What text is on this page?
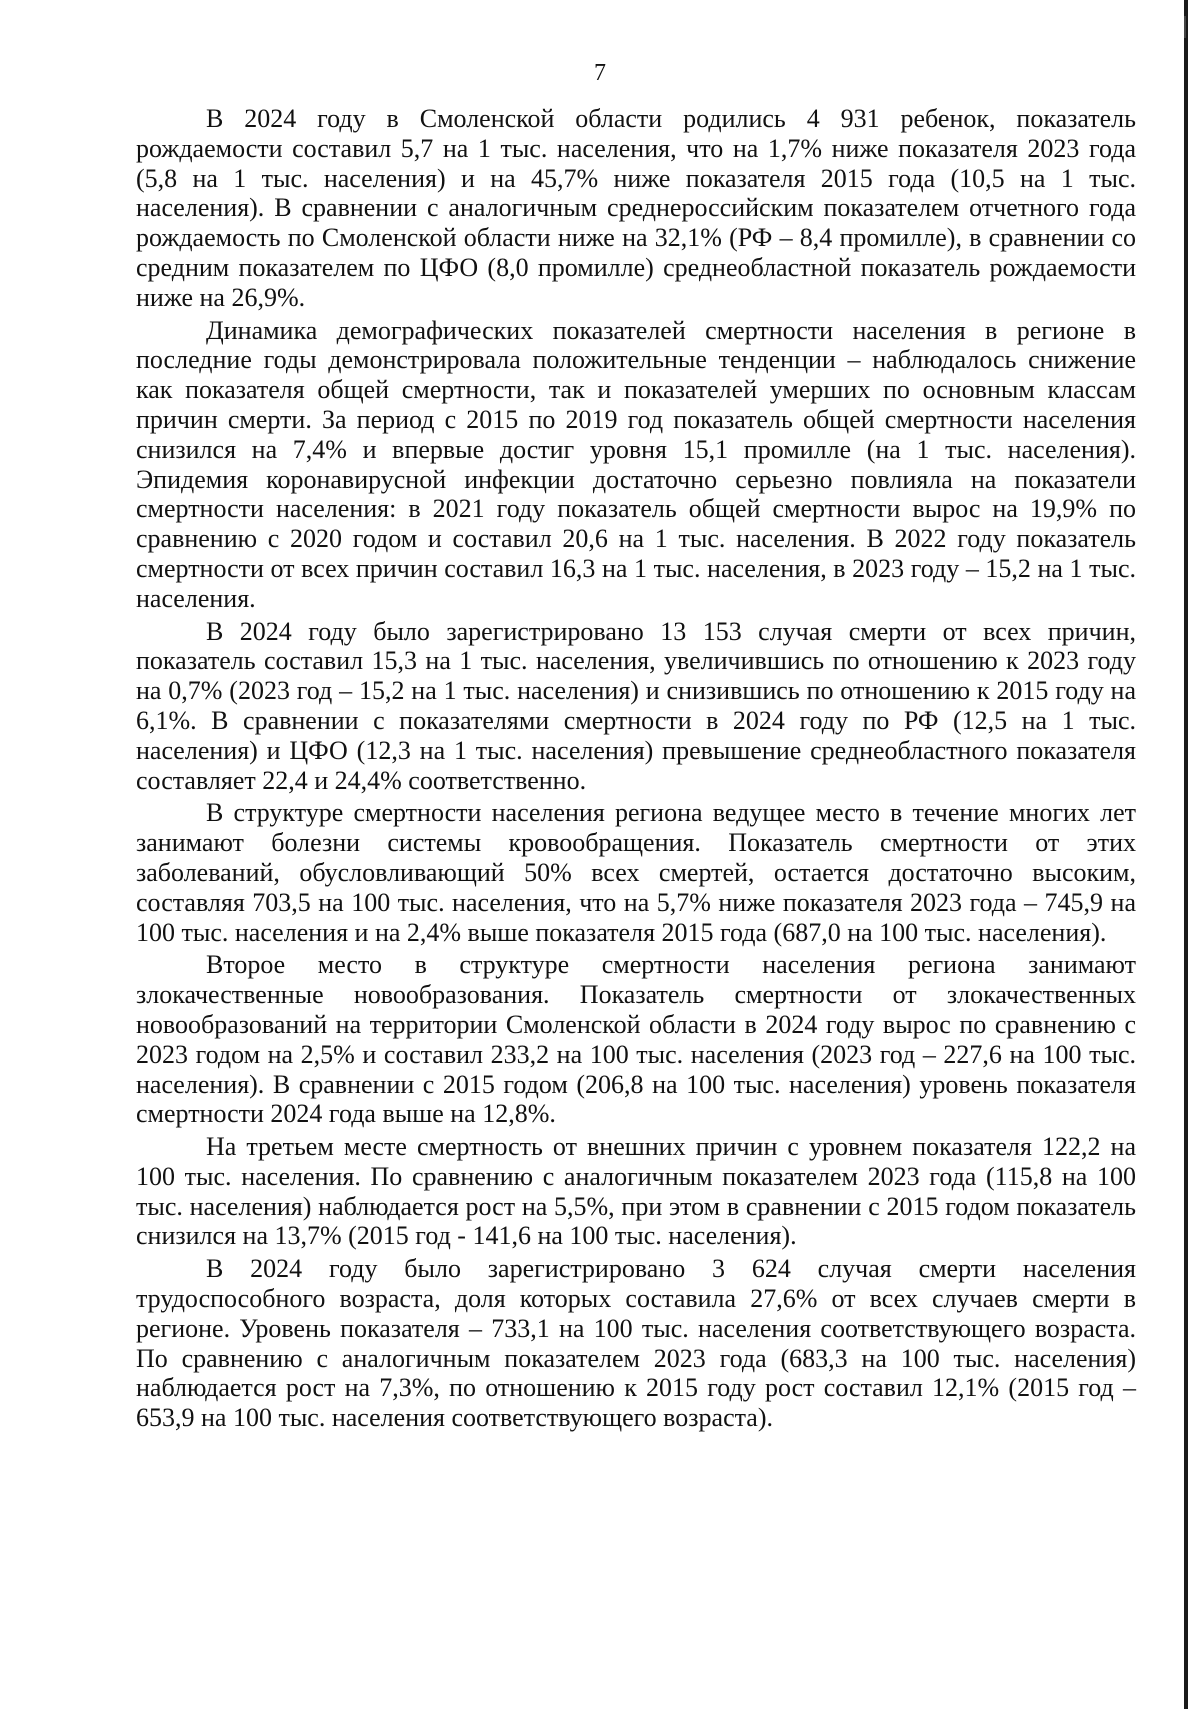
7

В 2024 году в Смоленской области родились 4 931 ребенок, показатель рождаемости составил 5,7 на 1 тыс. населения, что на 1,7% ниже показателя 2023 года (5,8 на 1 тыс. населения) и на 45,7% ниже показателя 2015 года (10,5 на 1 тыс. населения). В сравнении с аналогичным среднероссийским показателем отчетного года рождаемость по Смоленской области ниже на 32,1% (РФ – 8,4 промилле), в сравнении со средним показателем по ЦФО (8,0 промилле) среднеобластной показатель рождаемости ниже на 26,9%.

Динамика демографических показателей смертности населения в регионе в последние годы демонстрировала положительные тенденции – наблюдалось снижение как показателя общей смертности, так и показателей умерших по основным классам причин смерти. За период с 2015 по 2019 год показатель общей смертности населения снизился на 7,4% и впервые достиг уровня 15,1 промилле (на 1 тыс. населения). Эпидемия коронавирусной инфекции достаточно серьезно повлияла на показатели смертности населения: в 2021 году показатель общей смертности вырос на 19,9% по сравнению с 2020 годом и составил 20,6 на 1 тыс. населения. В 2022 году показатель смертности от всех причин составил 16,3 на 1 тыс. населения, в 2023 году – 15,2 на 1 тыс. населения.

В 2024 году было зарегистрировано 13 153 случая смерти от всех причин, показатель составил 15,3 на 1 тыс. населения, увеличившись по отношению к 2023 году на 0,7% (2023 год – 15,2 на 1 тыс. населения) и снизившись по отношению к 2015 году на 6,1%. В сравнении с показателями смертности в 2024 году по РФ (12,5 на 1 тыс. населения) и ЦФО (12,3 на 1 тыс. населения) превышение среднеобластного показателя составляет 22,4 и 24,4% соответственно.

В структуре смертности населения региона ведущее место в течение многих лет занимают болезни системы кровообращения. Показатель смертности от этих заболеваний, обусловливающий 50% всех смертей, остается достаточно высоким, составляя 703,5 на 100 тыс. населения, что на 5,7% ниже показателя 2023 года – 745,9 на 100 тыс. населения и на 2,4% выше показателя 2015 года (687,0 на 100 тыс. населения).

Второе место в структуре смертности населения региона занимают злокачественные новообразования. Показатель смертности от злокачественных новообразований на территории Смоленской области в 2024 году вырос по сравнению с 2023 годом на 2,5% и составил 233,2 на 100 тыс. населения (2023 год – 227,6 на 100 тыс. населения). В сравнении с 2015 годом (206,8 на 100 тыс. населения) уровень показателя смертности 2024 года выше на 12,8%.

На третьем месте смертность от внешних причин с уровнем показателя 122,2 на 100 тыс. населения. По сравнению с аналогичным показателем 2023 года (115,8 на 100 тыс. населения) наблюдается рост на 5,5%, при этом в сравнении с 2015 годом показатель снизился на 13,7% (2015 год - 141,6 на 100 тыс. населения).

В 2024 году было зарегистрировано 3 624 случая смерти населения трудоспособного возраста, доля которых составила 27,6% от всех случаев смерти в регионе. Уровень показателя – 733,1 на 100 тыс. населения соответствующего возраста. По сравнению с аналогичным показателем 2023 года (683,3 на 100 тыс. населения) наблюдается рост на 7,3%, по отношению к 2015 году рост составил 12,1% (2015 год – 653,9 на 100 тыс. населения соответствующего возраста).
